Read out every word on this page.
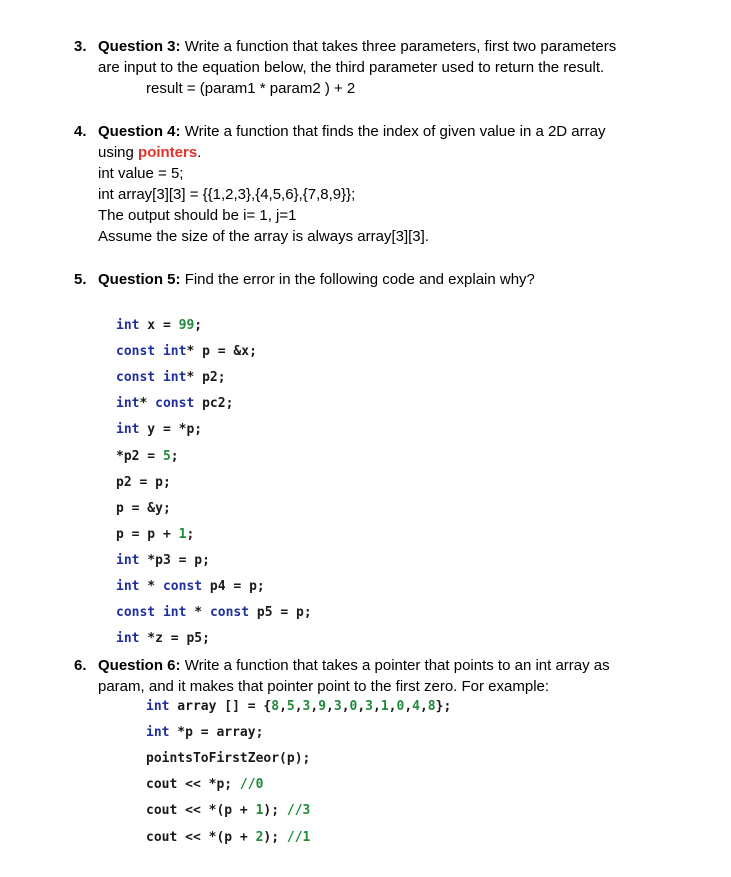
3. Question 3: Write a function that takes three parameters, first two parameters
are input to the equation below, the third parameter used to return the result.
result = (param1 * param2 ) + 2
4. Question 4: Write a function that finds the index of given value in a 2D array
using pointers.
int value = 5;
int array[3][3] = {{1,2,3},{4,5,6},{7,8,9}};
The output should be i= 1, j=1
Assume the size of the array is always array[3][3].
5. Question 5: Find the error in the following code and explain why?
int x = 99;
const int* p = &x;
const int* p2;
int* const pc2;
int y = *p;
*p2 = 5;
p2 = p;
p = &y;
p = p + 1;
int *p3 = p;
int * const p4 = p;
const int * const p5 = p;
int *z = p5;
6. Question 6: Write a function that takes a pointer that points to an int array as
param, and it makes that pointer point to the first zero. For example:
int array [] = {8,5,3,9,3,0,3,1,0,4,8};
int *p = array;
pointsToFirstZeor(p);
cout << *p; //0
cout << *(p + 1); //3
cout << *(p + 2); //1
